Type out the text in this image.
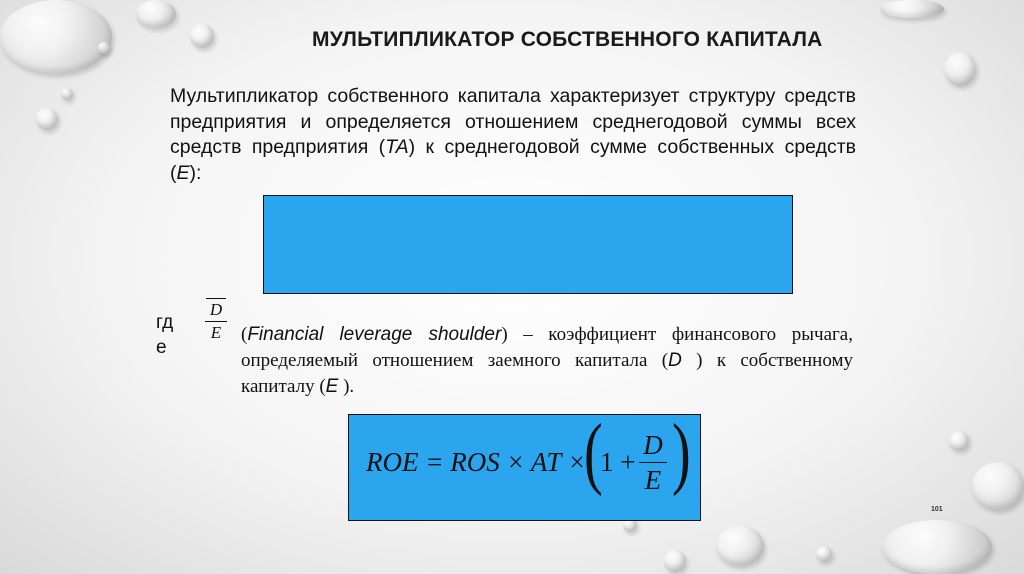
МУЛЬТИПЛИКАТОР СОБСТВЕННОГО КАПИТАЛА
Мультипликатор собственного капитала характеризует структуру средств предприятия и определяется отношением среднегодовой суммы всех средств предприятия (TA) к среднегодовой сумме собственных средств (E):
гд
е
D
E	(Financial leverage shoulder) – коэффициент финансового рычага, определяемый отношением заемного капитала (D ) к собственному капиталу (E ).
ROE = ROS × AT ×
(
1 +
D
E )
101
